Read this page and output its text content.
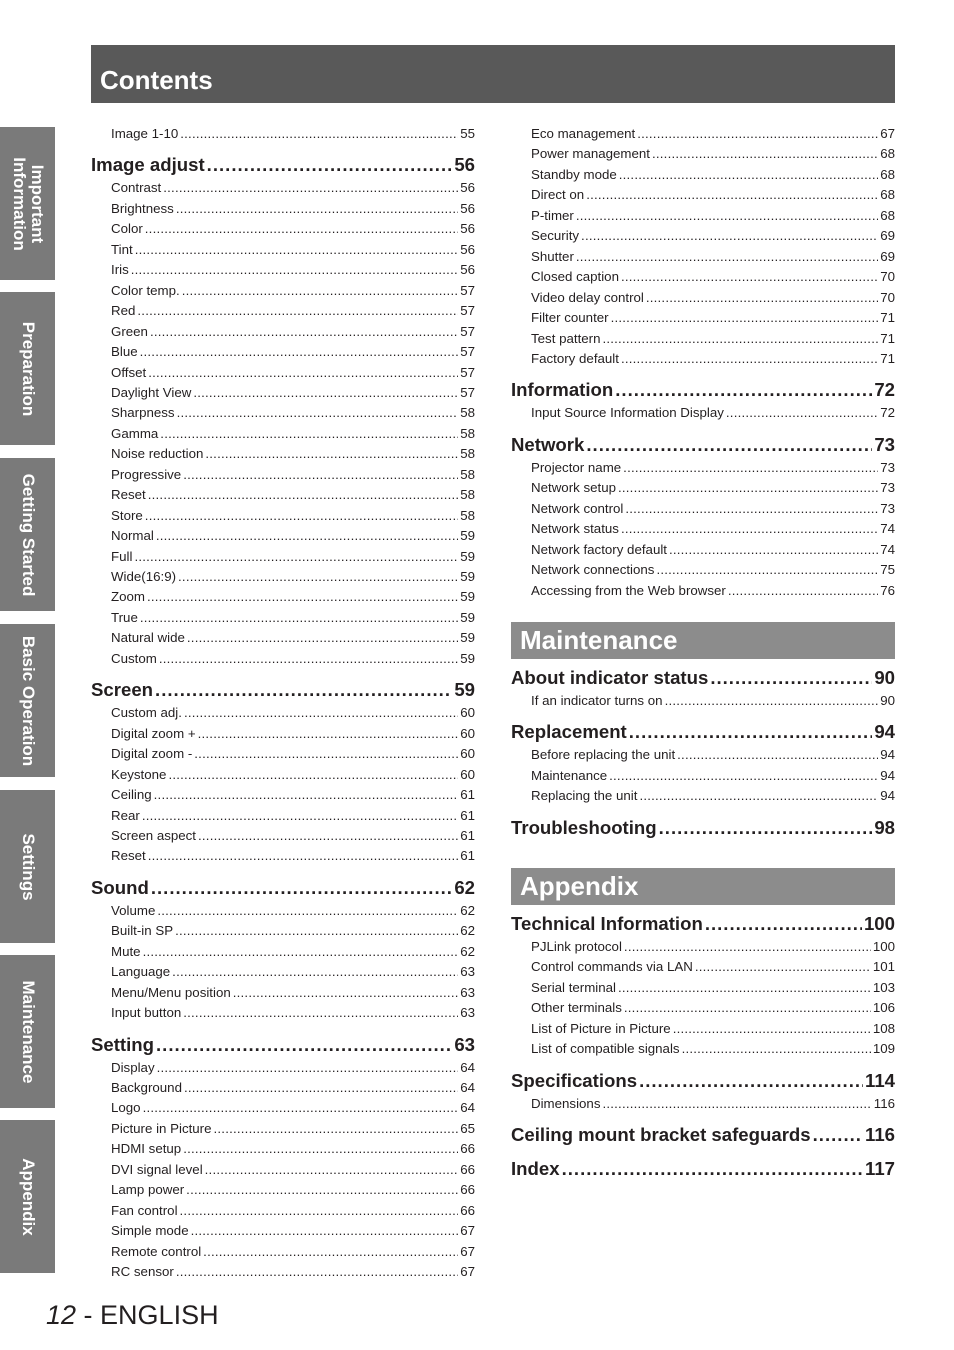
Contents
Important
Information
Preparation
Getting Started
Basic Operation
Settings
Maintenance
Appendix
Image 1-10 .....	55
Image adjust .....	56
Contrast .....	56
Brightness .....	56
Color .....	56
Tint .....	56
Iris .....	56
Color temp. .....	57
Red .....	57
Green .....	57
Blue .....	57
Offset .....	57
Daylight View .....	57
Sharpness .....	58
Gamma .....	58
Noise reduction .....	58
Progressive .....	58
Reset .....	58
Store .....	58
Normal .....	59
Full .....	59
Wide(16:9) .....	59
Zoom .....	59
True .....	59
Natural wide .....	59
Custom .....	59
Screen .....	59
Custom adj. .....	60
Digital zoom + .....	60
Digital zoom - .....	60
Keystone .....	60
Ceiling .....	61
Rear .....	61
Screen aspect .....	61
Reset .....	61
Sound .....	62
Volume .....	62
Built-in SP .....	62
Mute .....	62
Language .....	63
Menu/Menu position .....	63
Input button .....	63
Setting .....	63
Display .....	64
Background .....	64
Logo .....	64
Picture in Picture .....	65
HDMI setup .....	66
DVI signal level .....	66
Lamp power .....	66
Fan control .....	66
Simple mode .....	67
Remote control .....	67
RC sensor .....	67
Eco management .....	67
Power management .....	68
Standby mode .....	68
Direct on .....	68
P-timer .....	68
Security .....	69
Shutter .....	69
Closed caption .....	70
Video delay control .....	70
Filter counter .....	71
Test pattern .....	71
Factory default .....	71
Information .....	72
Input Source Information Display .....	72
Network .....	73
Projector name .....	73
Network setup .....	73
Network control .....	73
Network status .....	74
Network factory default .....	74
Network connections .....	75
Accessing from the Web browser .....	76
Maintenance
About indicator status .....	90
If an indicator turns on .....	90
Replacement .....	94
Before replacing the unit .....	94
Maintenance .....	94
Replacing the unit .....	94
Troubleshooting .....	98
Appendix
Technical Information .....	100
PJLink protocol .....	100
Control commands via LAN .....	101
Serial terminal .....	103
Other terminals .....	106
List of Picture in Picture .....	108
List of compatible signals .....	109
Specifications .....	114
Dimensions .....	116
Ceiling mount bracket safeguards .....	116
Index .....	117
12 - ENGLISH
